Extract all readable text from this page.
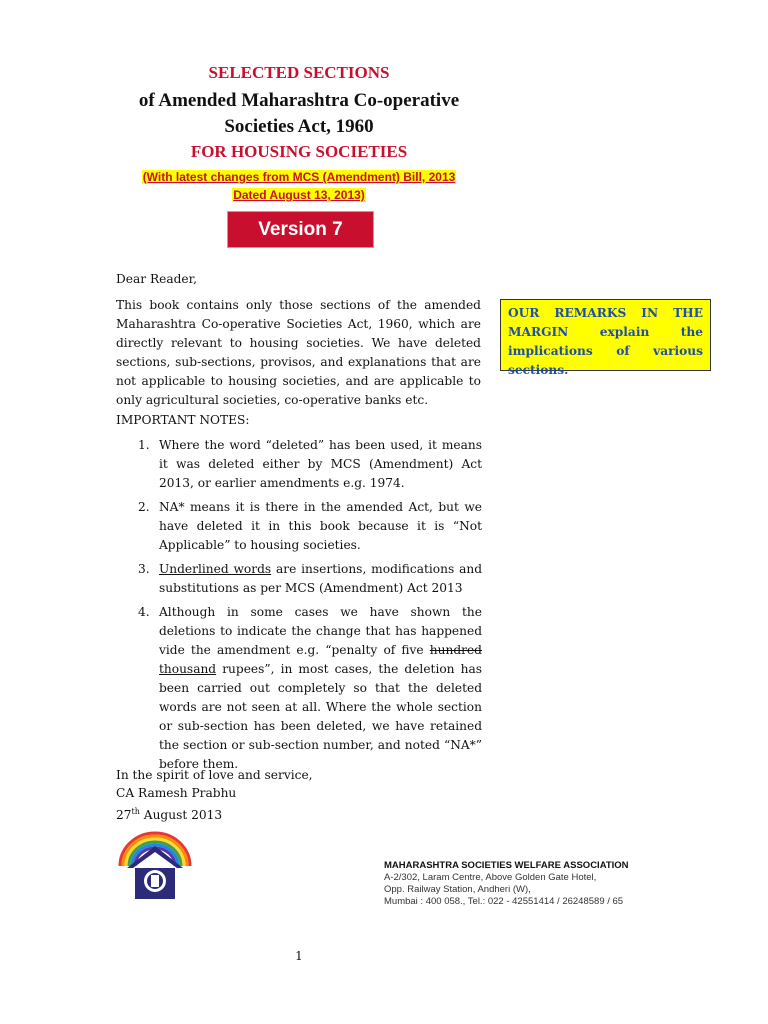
SELECTED SECTIONS
of Amended Maharashtra Co-operative
Societies Act, 1960
FOR HOUSING SOCIETIES
(With latest changes from MCS (Amendment) Bill, 2013
Dated August 13, 2013)
Version 7
Dear Reader,
This book contains only those sections of the amended Maharashtra Co-operative Societies Act, 1960, which are directly relevant to housing societies. We have deleted sections, sub-sections, provisos, and explanations that are not applicable to housing societies, and are applicable to only agricultural societies, co-operative banks etc.
OUR REMARKS IN THE MARGIN explain the implications of various sections.
IMPORTANT NOTES:
1. Where the word “deleted” has been used, it means it was deleted either by MCS (Amendment) Act 2013, or earlier amendments e.g. 1974.
2. NA* means it is there in the amended Act, but we have deleted it in this book because it is “Not Applicable” to housing societies.
3. Underlined words are insertions, modifications and substitutions as per MCS (Amendment) Act 2013
4. Although in some cases we have shown the deletions to indicate the change that has happened vide the amendment e.g. “penalty of five hundred thousand rupees”, in most cases, the deletion has been carried out completely so that the deleted words are not seen at all. Where the whole section or sub-section has been deleted, we have retained the section or sub-section number, and noted “NA*” before them.
In the spirit of love and service,
CA Ramesh Prabhu
27th August 2013
MAHARASHTRA SOCIETIES WELFARE ASSOCIATION
A-2/302, Laram Centre, Above Golden Gate Hotel,
Opp. Railway Station, Andheri (W),
Mumbai : 400 058., Tel.: 022 - 42551414 / 26248589 / 65
1
